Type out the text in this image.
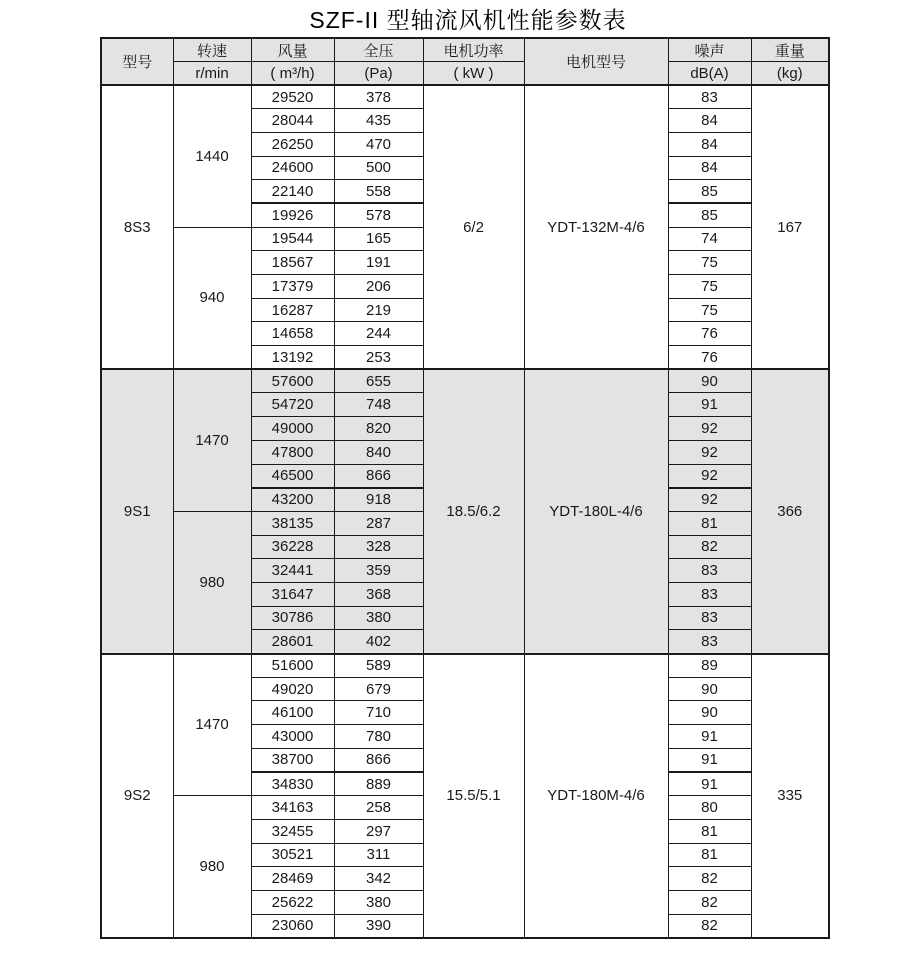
SZF-II 型轴流风机性能参数表
型号	转速	风量	全压	电机功率	电机型号	噪声	重量
	r/min	( m³/h)	(Pa)	( kW )		dB(A)	(kg)
8S3	1440	29520	378	6/2	YDT-132M-4/6	83	167
		28044	435			84	
		26250	470			84	
		24600	500			84	
		22140	558			85	
		19926	578			85	
	940	19544	165			74	
		18567	191			75	
		17379	206			75	
		16287	219			75	
		14658	244			76	
		13192	253			76	
9S1	1470	57600	655	18.5/6.2	YDT-180L-4/6	90	366
		54720	748			91	
		49000	820			92	
		47800	840			92	
		46500	866			92	
		43200	918			92	
	980	38135	287			81	
		36228	328			82	
		32441	359			83	
		31647	368			83	
		30786	380			83	
		28601	402			83	
9S2	1470	51600	589	15.5/5.1	YDT-180M-4/6	89	335
		49020	679			90	
		46100	710			90	
		43000	780			91	
		38700	866			91	
		34830	889			91	
	980	34163	258			80	
		32455	297			81	
		30521	311			81	
		28469	342			82	
		25622	380			82	
		23060	390			82	
